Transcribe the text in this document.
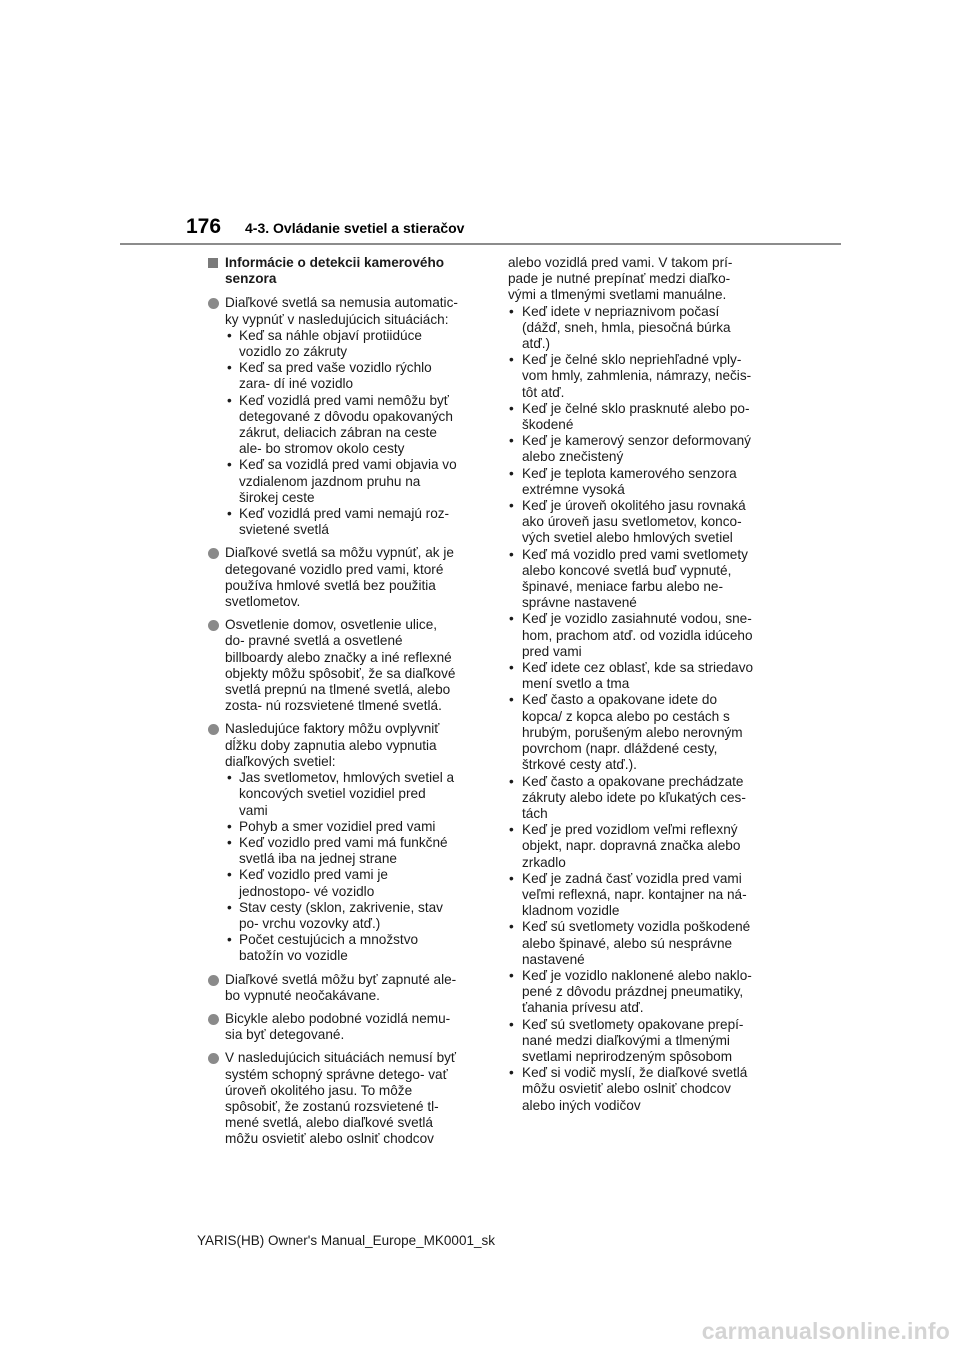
176 4-3. Ovládanie svetiel a stieračov
Informácie o detekcii kamerového senzora
Diaľkové svetlá sa nemusia automatic- ky vypnúť v nasledujúcich situáciách:
• Keď sa náhle objaví protiidúce vozidlo zo zákruty
• Keď sa pred vaše vozidlo rýchlo zara- dí iné vozidlo
• Keď vozidlá pred vami nemôžu byť detegované z dôvodu opakovaných zákrut, deliacich zábran na ceste ale- bo stromov okolo cesty
• Keď sa vozidlá pred vami objavia vo vzdialenom jazdnom pruhu na širokej ceste
• Keď vozidlá pred vami nemajú roz- svietené svetlá
Diaľkové svetlá sa môžu vypnúť, ak je detegované vozidlo pred vami, ktoré používa hmlové svetlá bez použitia svetlometov.
Osvetlenie domov, osvetlenie ulice, do- pravné svetlá a osvetlené billboardy alebo značky a iné reflexné objekty môžu spôsobiť, že sa diaľkové svetlá prepnú na tlmené svetlá, alebo zosta- nú rozsvietené tlmené svetlá.
Nasledujúce faktory môžu ovplyvniť dĺžku doby zapnutia alebo vypnutia diaľkových svetiel:
• Jas svetlometov, hmlových svetiel a koncových svetiel vozidiel pred vami
• Pohyb a smer vozidiel pred vami
• Keď vozidlo pred vami má funkčné svetlá iba na jednej strane
• Keď vozidlo pred vami je jednostopo- vé vozidlo
• Stav cesty (sklon, zakrivenie, stav po- vrchu vozovky atď.)
• Počet cestujúcich a množstvo batožín vo vozidle
Diaľkové svetlá môžu byť zapnuté ale- bo vypnuté neočakávane.
Bicykle alebo podobné vozidlá nemu- sia byť detegované.
V nasledujúcich situáciách nemusí byť systém schopný správne detego- vať úroveň okolitého jasu. To môže spôsobiť, že zostanú rozsvietené tl- mené svetlá, alebo diaľkové svetlá môžu osvietiť alebo oslniť chodcov
alebo vozidlá pred vami. V takom prí- pade je nutné prepínať medzi diaľko- vými a tlmenými svetlami manuálne.
• Keď idete v nepriaznivom počasí (dážď, sneh, hmla, piesočná búrka atď.)
• Keď je čelné sklo nepriehľadné vply- vom hmly, zahmlenia, námrazy, nečis- tôt atď.
• Keď je čelné sklo prasknuté alebo po- škodené
• Keď je kamerový senzor deformovaný alebo znečistený
• Keď je teplota kamerového senzora extrémne vysoká
• Keď je úroveň okolitého jasu rovnaká ako úroveň jasu svetlometov, konco- vých svetiel alebo hmlových svetiel
• Keď má vozidlo pred vami svetlomety alebo koncové svetlá buď vypnuté, špinavé, meniace farbu alebo ne- správne nastavené
• Keď je vozidlo zasiahnuté vodou, sne- hom, prachom atď. od vozidla idúceho pred vami
• Keď idete cez oblasť, kde sa striedavo mení svetlo a tma
• Keď často a opakovane idete do kopca/ z kopca alebo po cestách s hrubým, porušeným alebo nerovným povrchom (napr. dláždené cesty, štrkové cesty atď.).
• Keď často a opakovane prechádzate zákruty alebo idete po kľukatých ces- tách
• Keď je pred vozidlom veľmi reflexný objekt, napr. dopravná značka alebo zrkadlo
• Keď je zadná časť vozidla pred vami veľmi reflexná, napr. kontajner na ná- kladnom vozidle
• Keď sú svetlomety vozidla poškodené alebo špinavé, alebo sú nesprávne nastavené
• Keď je vozidlo naklonené alebo naklo- pené z dôvodu prázdnej pneumatiky, ťahania prívesu atď.
• Keď sú svetlomety opakovane prepí- nané medzi diaľkovými a tlmenými svetlami neprirodzeným spôsobom
• Keď si vodič myslí, že diaľkové svetlá môžu osvietiť alebo oslniť chodcov alebo iných vodičov
YARIS(HB) Owner's Manual_Europe_MK0001_sk
carmanualsonline.info
